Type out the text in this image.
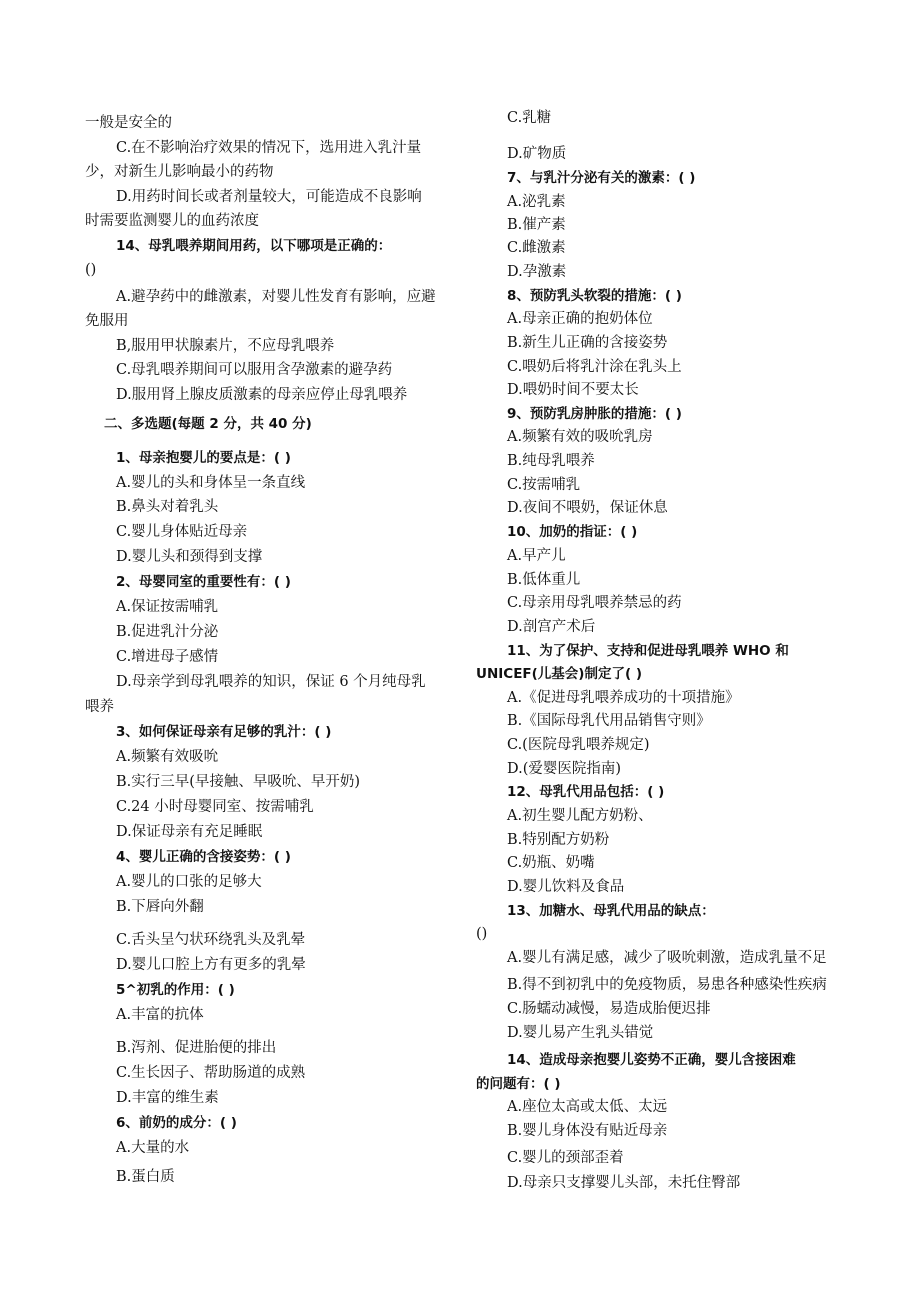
一般是安全的
C.在不影响治疗效果的情况下，选用进入乳汁量
少，对新生儿影响最小的药物
D.用药时间长或者剂量较大，可能造成不良影响
时需要监测婴儿的血药浓度
14、母乳喂养期间用药，以下哪项是正确的：
()
A.避孕药中的雌激素，对婴儿性发育有影响，应避
免服用
B,服用甲状腺素片，不应母乳喂养
C.母乳喂养期间可以服用含孕激素的避孕药
D.服用肾上腺皮质激素的母亲应停止母乳喂养
二、多选题(每题 2 分，共 40 分)
1、母亲抱婴儿的要点是：( )
A.婴儿的头和身体呈一条直线
B.鼻头对着乳头
C.婴儿身体贴近母亲
D.婴儿头和颈得到支撑
2、母婴同室的重要性有：( )
A.保证按需哺乳
B.促进乳汁分泌
C.增进母子感情
D.母亲学到母乳喂养的知识，保证 6 个月纯母乳
喂养
3、如何保证母亲有足够的乳汁：( )
A.频繁有效吸吮
B.实行三早(早接触、早吸吮、早开奶)
C.24 小时母婴同室、按需哺乳
D.保证母亲有充足睡眠
4、婴儿正确的含接姿势：( )
A.婴儿的口张的足够大
B.下唇向外翻
C.舌头呈勺状环绕乳头及乳晕
D.婴儿口腔上方有更多的乳晕
5^初乳的作用：( )
A.丰富的抗体
B.泻剂、促进胎便的排出
C.生长因子、帮助肠道的成熟
D.丰富的维生素
6、前奶的成分：( )
A.大量的水
B.蛋白质
C.乳糖
D.矿物质
7、与乳汁分泌有关的激素：( )
A.泌乳素
B.催产素
C.雌激素
D.孕激素
8、预防乳头软裂的措施：( )
A.母亲正确的抱奶体位
B.新生儿正确的含接姿势
C.喂奶后将乳汁涂在乳头上
D.喂奶时间不要太长
9、预防乳房肿胀的措施：( )
A.频繁有效的吸吮乳房
B.纯母乳喂养
C.按需哺乳
D.夜间不喂奶，保证休息
10、加奶的指证：( )
A.早产儿
B.低体重儿
C.母亲用母乳喂养禁忌的药
D.剖宫产术后
11、为了保护、支持和促进母乳喂养 WHO 和
UNICEF(儿基会)制定了( )
A.《促进母乳喂养成功的十项措施》
B.《国际母乳代用品销售守则》
C.(医院母乳喂养规定)
D.(爱婴医院指南)
12、母乳代用品包括：( )
A.初生婴儿配方奶粉、
B.特别配方奶粉
C.奶瓶、奶嘴
D.婴儿饮料及食品
13、加糖水、母乳代用品的缺点：
()
A.婴儿有满足感，减少了吸吮刺激，造成乳量不足
B.得不到初乳中的免疫物质，易患各种感染性疾病
C.肠蠕动减慢，易造成胎便迟排
D.婴儿易产生乳头错觉
14、造成母亲抱婴儿姿势不正确，婴儿含接困难
的问题有：( )
A.座位太高或太低、太远
B.婴儿身体没有贴近母亲
C.婴儿的颈部歪着
D.母亲只支撑婴儿头部，未托住臀部
